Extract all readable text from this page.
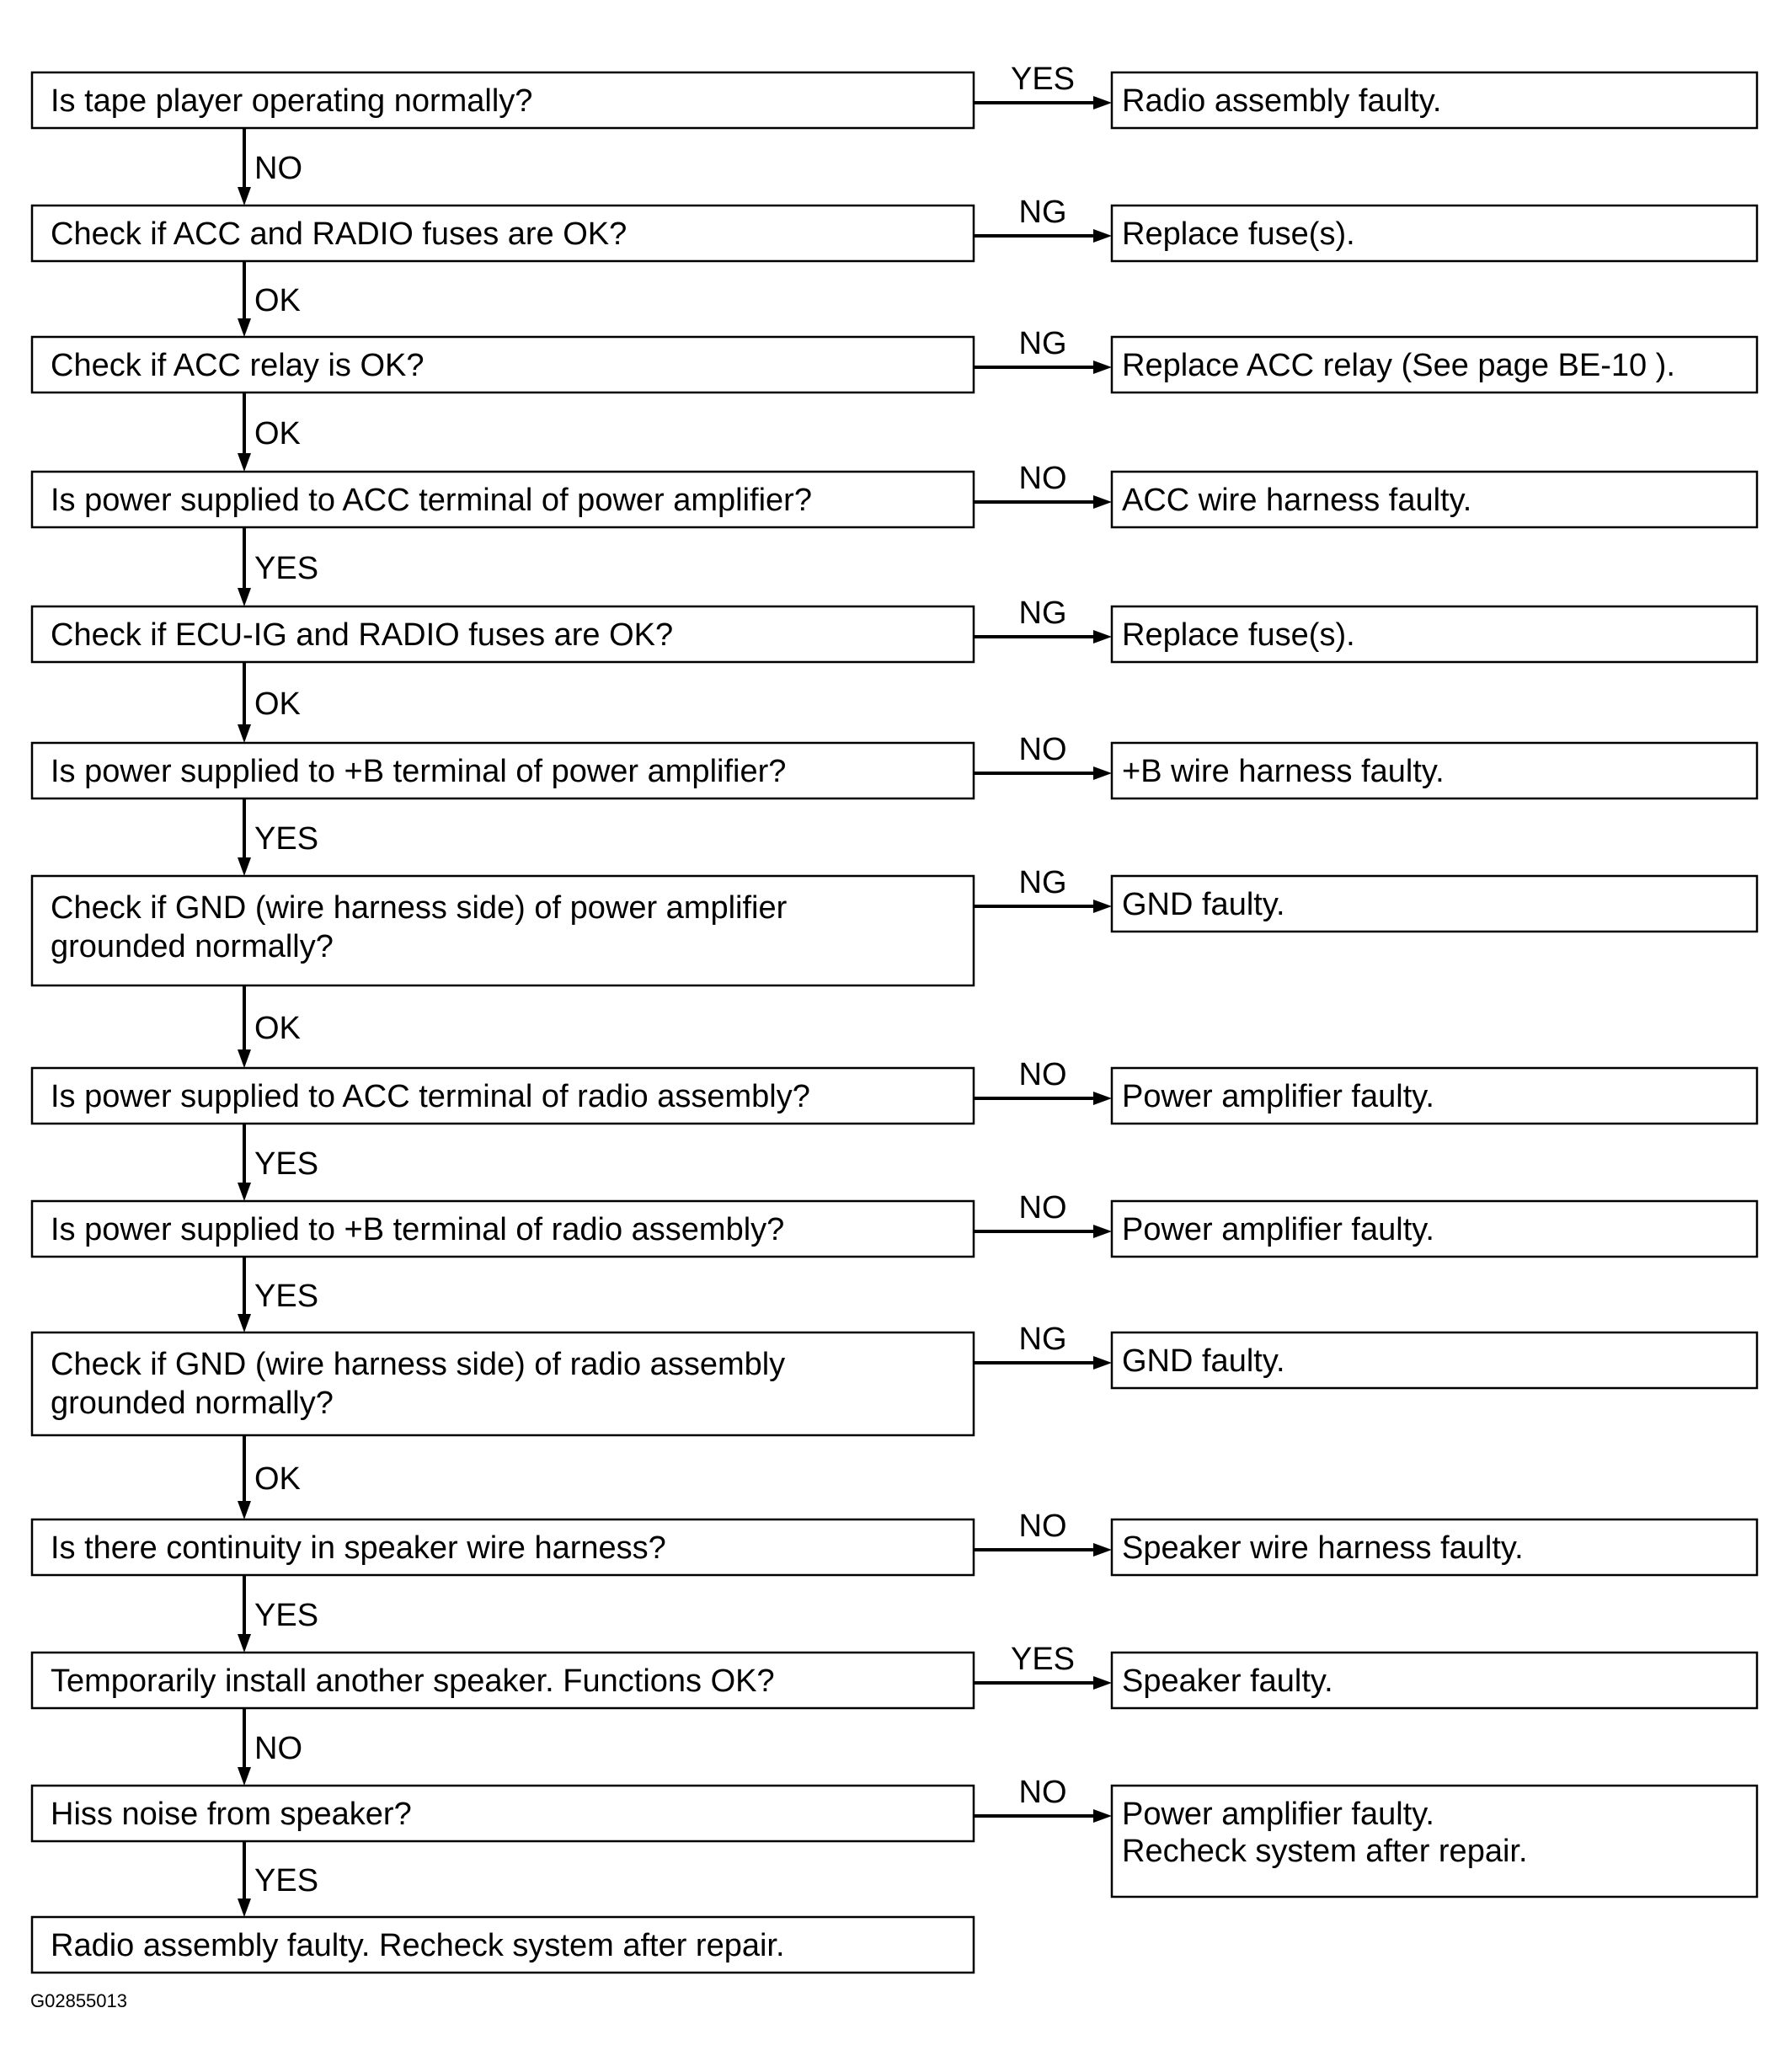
Is tape player operating normally?	Radio assembly faulty.
YES
NO
Check if ACC and RADIO fuses are OK?	Replace fuse(s).
NG
OK
Check if ACC relay is OK?	Replace ACC relay (See page BE-10 ).
NG
OK
Is power supplied to ACC terminal of power amplifier?	ACC wire harness faulty.
NO
YES
Check if ECU-IG and RADIO fuses are OK?	Replace fuse(s).
NG
OK
Is power supplied to +B terminal of power amplifier?	+B wire harness faulty.
NO
YES
Check if GND (wire harness side) of power amplifier grounded normally?
GND faulty.
NG
OK
Is power supplied to ACC terminal of radio assembly?	Power amplifier faulty.
NO
YES
Is power supplied to +B terminal of radio assembly?	Power amplifier faulty.
NO
YES
Check if GND (wire harness side) of radio assembly grounded normally?
GND faulty.
NG
OK
Is there continuity in speaker wire harness?	Speaker wire harness faulty.
NO
YES
Temporarily install another speaker. Functions OK?	Speaker faulty.
YES
NO
Hiss noise from speaker?	Power amplifier faulty. Recheck system after repair.
NO
YES
Radio assembly faulty. Recheck system after repair.
G02855013
